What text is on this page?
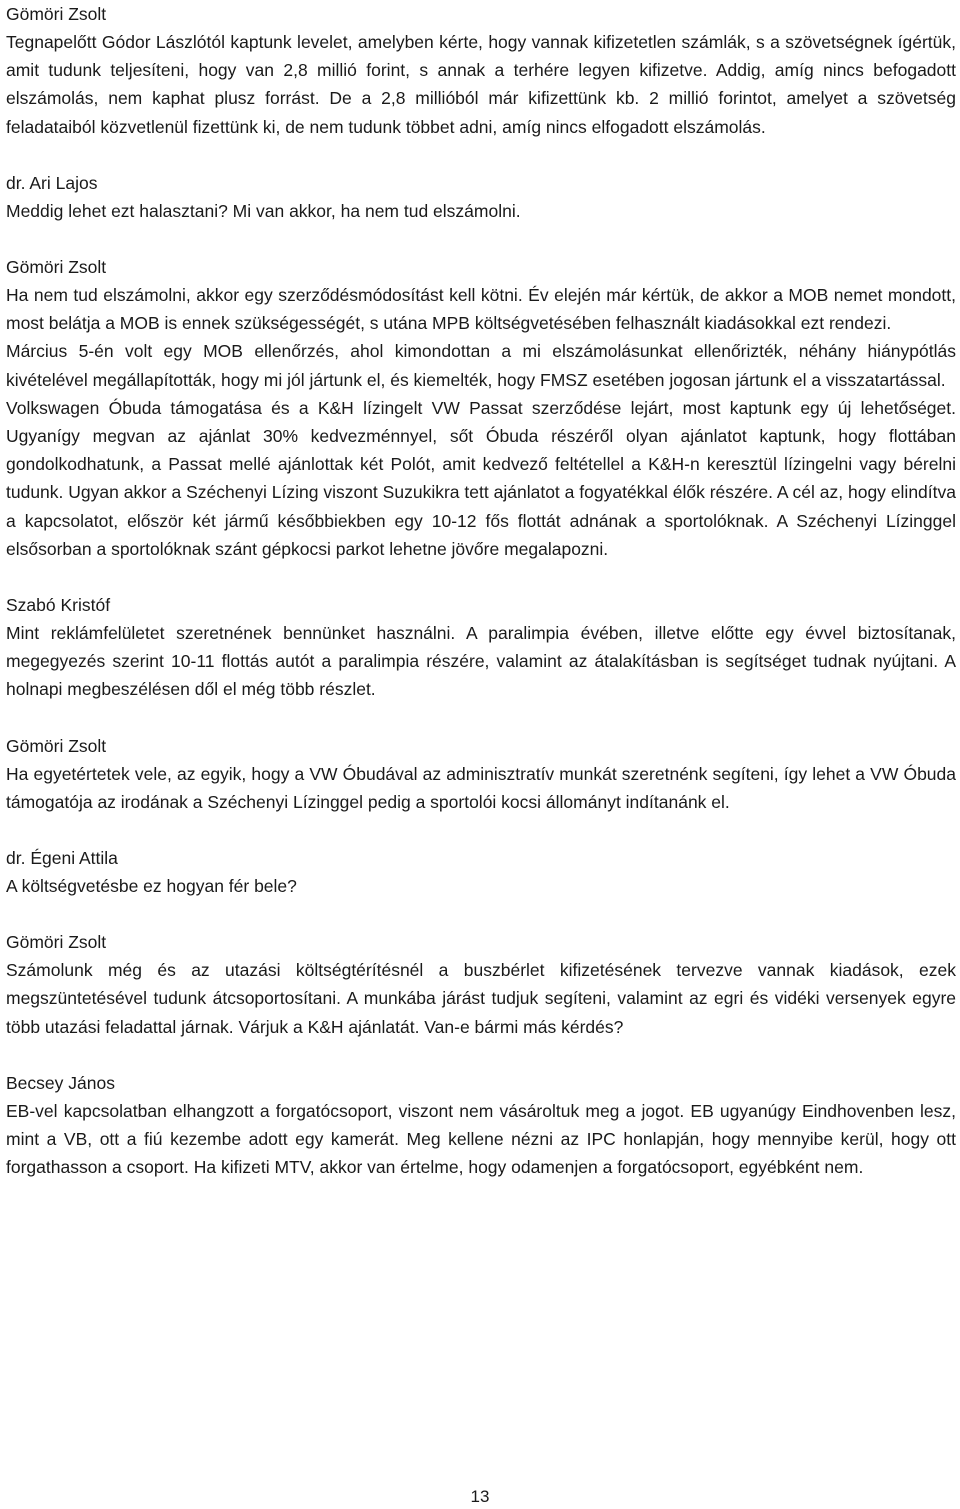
Gömöri Zsolt

Tegnapelőtt Gódor Lászlótól kaptunk levelet, amelyben kérte, hogy vannak kifizetetlen számlák, s a szövetségnek ígértük, amit tudunk teljesíteni, hogy van 2,8 millió forint, s annak a terhére legyen kifizetve. Addig, amíg nincs befogadott elszámolás, nem kaphat plusz forrást. De a 2,8 millióból már kifizettünk kb. 2 millió forintot, amelyet a szövetség feladataiból közvetlenül fizettünk ki, de nem tudunk többet adni, amíg nincs elfogadott elszámolás.

dr. Ari Lajos

Meddig lehet ezt halasztani? Mi van akkor, ha nem tud elszámolni.

Gömöri Zsolt

Ha nem tud elszámolni, akkor egy szerződésmódosítást kell kötni. Év elején már kértük, de akkor a MOB nemet mondott, most belátja a MOB is ennek szükségességét, s utána MPB költségvetésében felhasznált kiadásokkal ezt rendezi.

Március 5-én volt egy MOB ellenőrzés, ahol kimondottan a mi elszámolásunkat ellenőrizték, néhány hiánypótlás kivételével megállapították, hogy mi jól jártunk el, és kiemelték, hogy FMSZ esetében jogosan jártunk el a visszatartással.

Volkswagen Óbuda támogatása és a K&H lízingelt VW Passat szerződése lejárt, most kaptunk egy új lehetőséget. Ugyanígy megvan az ajánlat 30% kedvezménnyel, sőt Óbuda részéről olyan ajánlatot kaptunk, hogy flottában gondolkodhatunk, a Passat mellé ajánlottak két Polót, amit kedvező feltétellel a K&H-n keresztül lízingelni vagy bérelni tudunk. Ugyan akkor a Széchenyi Lízing viszont Suzukikra tett ajánlatot a fogyatékkal élők részére. A cél az, hogy elindítva a kapcsolatot, először két jármű későbbiekben egy 10-12 fős flottát adnának a sportolóknak. A Széchenyi Lízinggel elsősorban a sportolóknak szánt gépkocsi parkot lehetne jövőre megalapozni.

Szabó Kristóf

Mint reklámfelületet szeretnének bennünket használni. A paralimpia évében, illetve előtte egy évvel biztosítanak, megegyezés szerint 10-11 flottás autót a paralimpia részére, valamint az átalakításban is segítséget tudnak nyújtani. A holnapi megbeszélésen dől el még több részlet.

Gömöri Zsolt

Ha egyetértetek vele, az egyik, hogy a VW Óbudával az adminisztratív munkát szeretnénk segíteni, így lehet a VW Óbuda támogatója az irodának a Széchenyi Lízinggel pedig a sportolói kocsi állományt indítanánk el.

dr. Égeni Attila

A költségvetésbe ez hogyan fér bele?

Gömöri Zsolt

Számolunk még és az utazási költségtérítésnél a buszbérlet kifizetésének tervezve vannak kiadások, ezek megszüntetésével tudunk átcsoportosítani. A munkába járást tudjuk segíteni, valamint az egri és vidéki versenyek egyre több utazási feladattal járnak. Várjuk a K&H ajánlatát. Van-e bármi más kérdés?

Becsey János

EB-vel kapcsolatban elhangzott a forgatócsoport, viszont nem vásároltuk meg a jogot. EB ugyanúgy Eindhovenben lesz, mint a VB, ott a fiú kezembe adott egy kamerát. Meg kellene nézni az IPC honlapján, hogy mennyibe kerül, hogy ott forgathasson a csoport. Ha kifizeti MTV, akkor van értelme, hogy odamenjen a forgatócsoport, egyébként nem.

13
